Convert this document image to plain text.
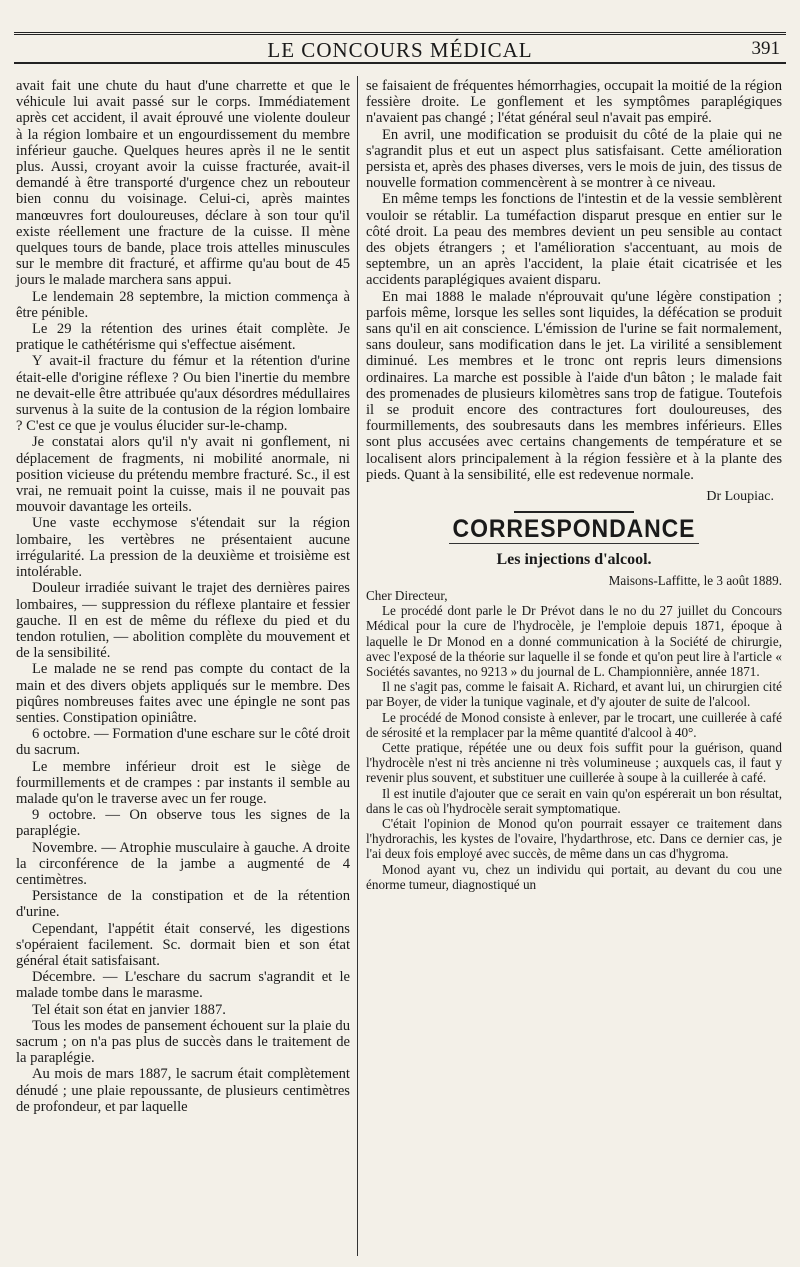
LE CONCOURS MÉDICAL	391

avait fait une chute du haut d'une charrette et que le véhicule lui avait passé sur le corps. Immédiatement après cet accident, il avait éprouvé une violente douleur à la région lombaire et un engourdissement du membre inférieur gauche. Quelques heures après il ne le sentit plus. Aussi, croyant avoir la cuisse fracturée, avait-il demandé à être transporté d'urgence chez un rebouteur bien connu du voisinage. Celui-ci, après maintes manœuvres fort douloureuses, déclare à son tour qu'il existe réellement une fracture de la cuisse. Il mène quelques tours de bande, place trois attelles minuscules sur le membre dit fracturé, et affirme qu'au bout de 45 jours le malade marchera sans appui.

Le lendemain 28 septembre, la miction commença à être pénible.

Le 29 la rétention des urines était complète. Je pratique le cathétérisme qui s'effectue aisément.

Y avait-il fracture du fémur et la rétention d'urine était-elle d'origine réflexe ? Ou bien l'inertie du membre ne devait-elle être attribuée qu'aux désordres médullaires survenus à la suite de la contusion de la région lombaire ? C'est ce que je voulus élucider sur-le-champ.

Je constatai alors qu'il n'y avait ni gonflement, ni déplacement de fragments, ni mobilité anormale, ni position vicieuse du prétendu membre fracturé. Sc., il est vrai, ne remuait point la cuisse, mais il ne pouvait pas mouvoir davantage les orteils.

Une vaste ecchymose s'étendait sur la région lombaire, les vertèbres ne présentaient aucune irrégularité. La pression de la deuxième et troisième est intolérable.

Douleur irradiée suivant le trajet des dernières paires lombaires, — suppression du réflexe plantaire et fessier gauche. Il en est de même du réflexe du pied et du tendon rotulien, — abolition complète du mouvement et de la sensibilité.

Le malade ne se rend pas compte du contact de la main et des divers objets appliqués sur le membre. Des piqûres nombreuses faites avec une épingle ne sont pas senties. Constipation opiniâtre.

6 octobre. — Formation d'une eschare sur le côté droit du sacrum.

Le membre inférieur droit est le siège de fourmillements et de crampes : par instants il semble au malade qu'on le traverse avec un fer rouge.

9 octobre. — On observe tous les signes de la paraplégie.

Novembre. — Atrophie musculaire à gauche. A droite la circonférence de la jambe a augmenté de 4 centimètres.

Persistance de la constipation et de la rétention d'urine.

Cependant, l'appétit était conservé, les digestions s'opéraient facilement. Sc. dormait bien et son état général était satisfaisant.

Décembre. — L'eschare du sacrum s'agrandit et le malade tombe dans le marasme.

Tel était son état en janvier 1887.

Tous les modes de pansement échouent sur la plaie du sacrum ; on n'a pas plus de succès dans le traitement de la paraplégie.

Au mois de mars 1887, le sacrum était complètement dénudé ; une plaie repoussante, de plusieurs centimètres de profondeur, et par laquelle

se faisaient de fréquentes hémorrhagies, occupait la moitié de la région fessière droite. Le gonflement et les symptômes paraplégiques n'avaient pas changé ; l'état général seul n'avait pas empiré.

En avril, une modification se produisit du côté de la plaie qui ne s'agrandit plus et eut un aspect plus satisfaisant. Cette amélioration persista et, après des phases diverses, vers le mois de juin, des tissus de nouvelle formation commencèrent à se montrer à ce niveau.

En même temps les fonctions de l'intestin et de la vessie semblèrent vouloir se rétablir. La tuméfaction disparut presque en entier sur le côté droit. La peau des membres devient un peu sensible au contact des objets étrangers ; et l'amélioration s'accentuant, au mois de septembre, un an après l'accident, la plaie était cicatrisée et les accidents paraplégiques avaient disparu.

En mai 1888 le malade n'éprouvait qu'une légère constipation ; parfois même, lorsque les selles sont liquides, la défécation se produit sans qu'il en ait conscience. L'émission de l'urine se fait normalement, sans douleur, sans modification dans le jet. La virilité a sensiblement diminué. Les membres et le tronc ont repris leurs dimensions ordinaires. La marche est possible à l'aide d'un bâton ; le malade fait des promenades de plusieurs kilomètres sans trop de fatigue. Toutefois il se produit encore des contractures fort douloureuses, des fourmillements, des soubresauts dans les membres inférieurs. Elles sont plus accusées avec certains changements de température et se localisent alors principalement à la région fessière et à la plante des pieds. Quant à la sensibilité, elle est redevenue normale.

Dr Loupiac.
CORRESPONDANCE
Les injections d'alcool.

Maisons-Laffitte, le 3 août 1889.

Cher Directeur,

Le procédé dont parle le Dr Prévot dans le no du 27 juillet du Concours Médical pour la cure de l'hydrocèle, je l'emploie depuis 1871, époque à laquelle le Dr Monod en a donné communication à la Société de chirurgie, avec l'exposé de la théorie sur laquelle il se fonde et qu'on peut lire à l'article « Sociétés savantes, no 9213 » du journal de L. Championnière, année 1871.

Il ne s'agit pas, comme le faisait A. Richard, et avant lui, un chirurgien cité par Boyer, de vider la tunique vaginale, et d'y ajouter de suite de l'alcool.

Le procédé de Monod consiste à enlever, par le trocart, une cuillerée à café de sérosité et la remplacer par la même quantité d'alcool à 40°.

Cette pratique, répétée une ou deux fois suffit pour la guérison, quand l'hydrocèle n'est ni très ancienne ni très volumineuse ; auxquels cas, il faut y revenir plus souvent, et substituer une cuillerée à soupe à la cuillerée à café.

Il est inutile d'ajouter que ce serait en vain qu'on espérerait un bon résultat, dans le cas où l'hydrocèle serait symptomatique.

C'était l'opinion de Monod qu'on pourrait essayer ce traitement dans l'hydrorachis, les kystes de l'ovaire, l'hydarthrose, etc. Dans ce dernier cas, je l'ai deux fois employé avec succès, de même dans un cas d'hygroma.

Monod ayant vu, chez un individu qui portait, au devant du cou une énorme tumeur, diagnostiqué un
